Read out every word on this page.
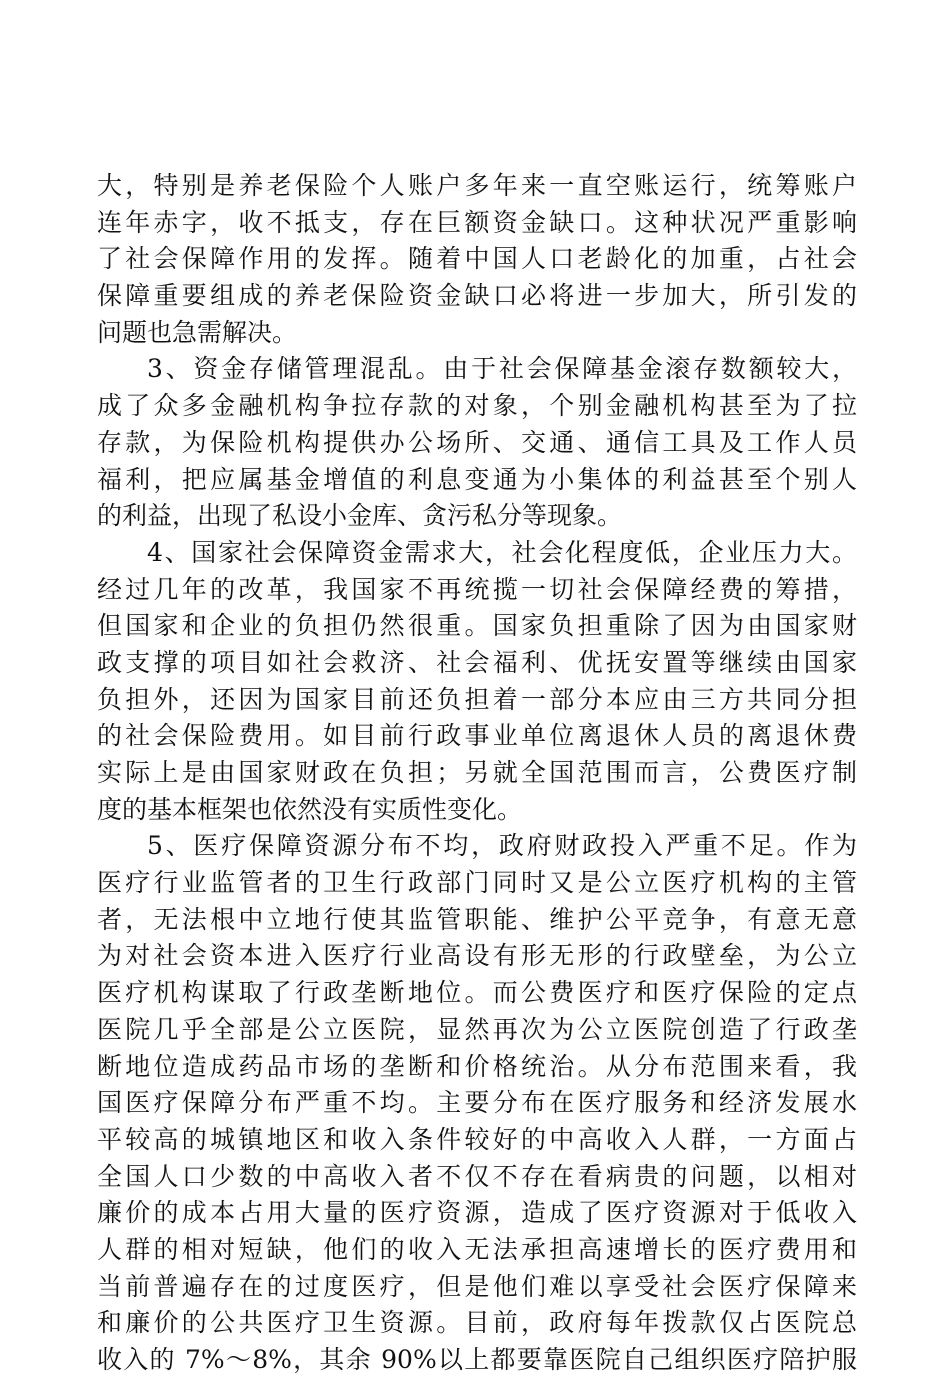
大，特别是养老保险个人账户多年来一直空账运行，统筹账户
连年赤字，收不抵支，存在巨额资金缺口。这种状况严重影响
了社会保障作用的发挥。随着中国人口老龄化的加重，占社会
保障重要组成的养老保险资金缺口必将进一步加大，所引发的
问题也急需解决。
3、资金存储管理混乱。由于社会保障基金滚存数额较大，
成了众多金融机构争拉存款的对象，个别金融机构甚至为了拉
存款，为保险机构提供办公场所、交通、通信工具及工作人员
福利，把应属基金增值的利息变通为小集体的利益甚至个别人
的利益，出现了私设小金库、贪污私分等现象。
4、国家社会保障资金需求大，社会化程度低，企业压力大。
经过几年的改革，我国家不再统揽一切社会保障经费的筹措，
但国家和企业的负担仍然很重。国家负担重除了因为由国家财
政支撑的项目如社会救济、社会福利、优抚安置等继续由国家
负担外，还因为国家目前还负担着一部分本应由三方共同分担
的社会保险费用。如目前行政事业单位离退休人员的离退休费
实际上是由国家财政在负担；另就全国范围而言，公费医疗制
度的基本框架也依然没有实质性变化。
5、医疗保障资源分布不均，政府财政投入严重不足。作为
医疗行业监管者的卫生行政部门同时又是公立医疗机构的主管
者，无法根中立地行使其监管职能、维护公平竞争，有意无意
为对社会资本进入医疗行业高设有形无形的行政壁垒，为公立
医疗机构谋取了行政垄断地位。而公费医疗和医疗保险的定点
医院几乎全部是公立医院，显然再次为公立医院创造了行政垄
断地位造成药品市场的垄断和价格统治。从分布范围来看，我
国医疗保障分布严重不均。主要分布在医疗服务和经济发展水
平较高的城镇地区和收入条件较好的中高收入人群，一方面占
全国人口少数的中高收入者不仅不存在看病贵的问题，以相对
廉价的成本占用大量的医疗资源，造成了医疗资源对于低收入
人群的相对短缺，他们的收入无法承担高速增长的医疗费用和
当前普遍存在的过度医疗，但是他们难以享受社会医疗保障来
和廉价的公共医疗卫生资源。目前，政府每年拨款仅占医院总
收入的 7%～8%，其余 90%以上都要靠医院自己组织医疗陪护服
